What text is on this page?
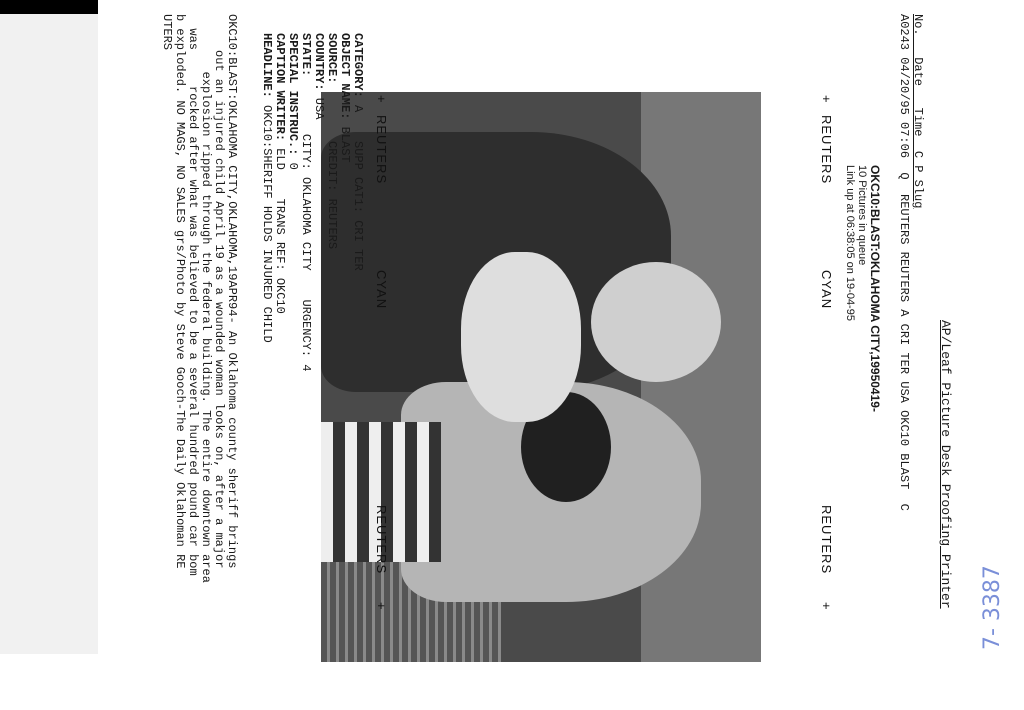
AP/Leaf Picture Desk Proofing Printer
No.   Date   Time  C P Slug
A0243 04/20/95 07:06  Q  REUTERS REUTERS A CRI TER USA OKC10 BLAST  C
OKC10:BLAST:OKLAHOMA CITY,19950419-
10 Pictures in queue
Link up at 06:38:05 on 19-04-95
+
REUTERS
CYAN
REUTERS
+
+
REUTERS
CYAN
REUTERS
+
CATEGORY: A    SUPP CAT1: CRI TER
OBJECT NAME: BLAST
SOURCE:        CREDIT: REUTERS
COUNTRY: USA
STATE:        CITY: OKLAHOMA CITY    URGENCY: 4
SPECIAL INSTRUC.: 0
CAPTION WRITER: ELD    TRANS REF: OKC10
HEADLINE: OKC10:SHERIFF HOLDS INJURED CHILD
OKC10:BLAST:OKLAHOMA CITY,OKLAHOMA,19APR94- An Oklahoma county sheriff brings
out an injured child April 19 as a wounded woman looks on, after a major
explosion ripped through the federal building. The entire downtown area
was     rocked after what was believed to be a several hundred pound car bom
b exploded. NO MAGS, NO SALES grs/Photo by Steve Gooch-The Daily Oklahoman RE
UTERS
7- 3387
